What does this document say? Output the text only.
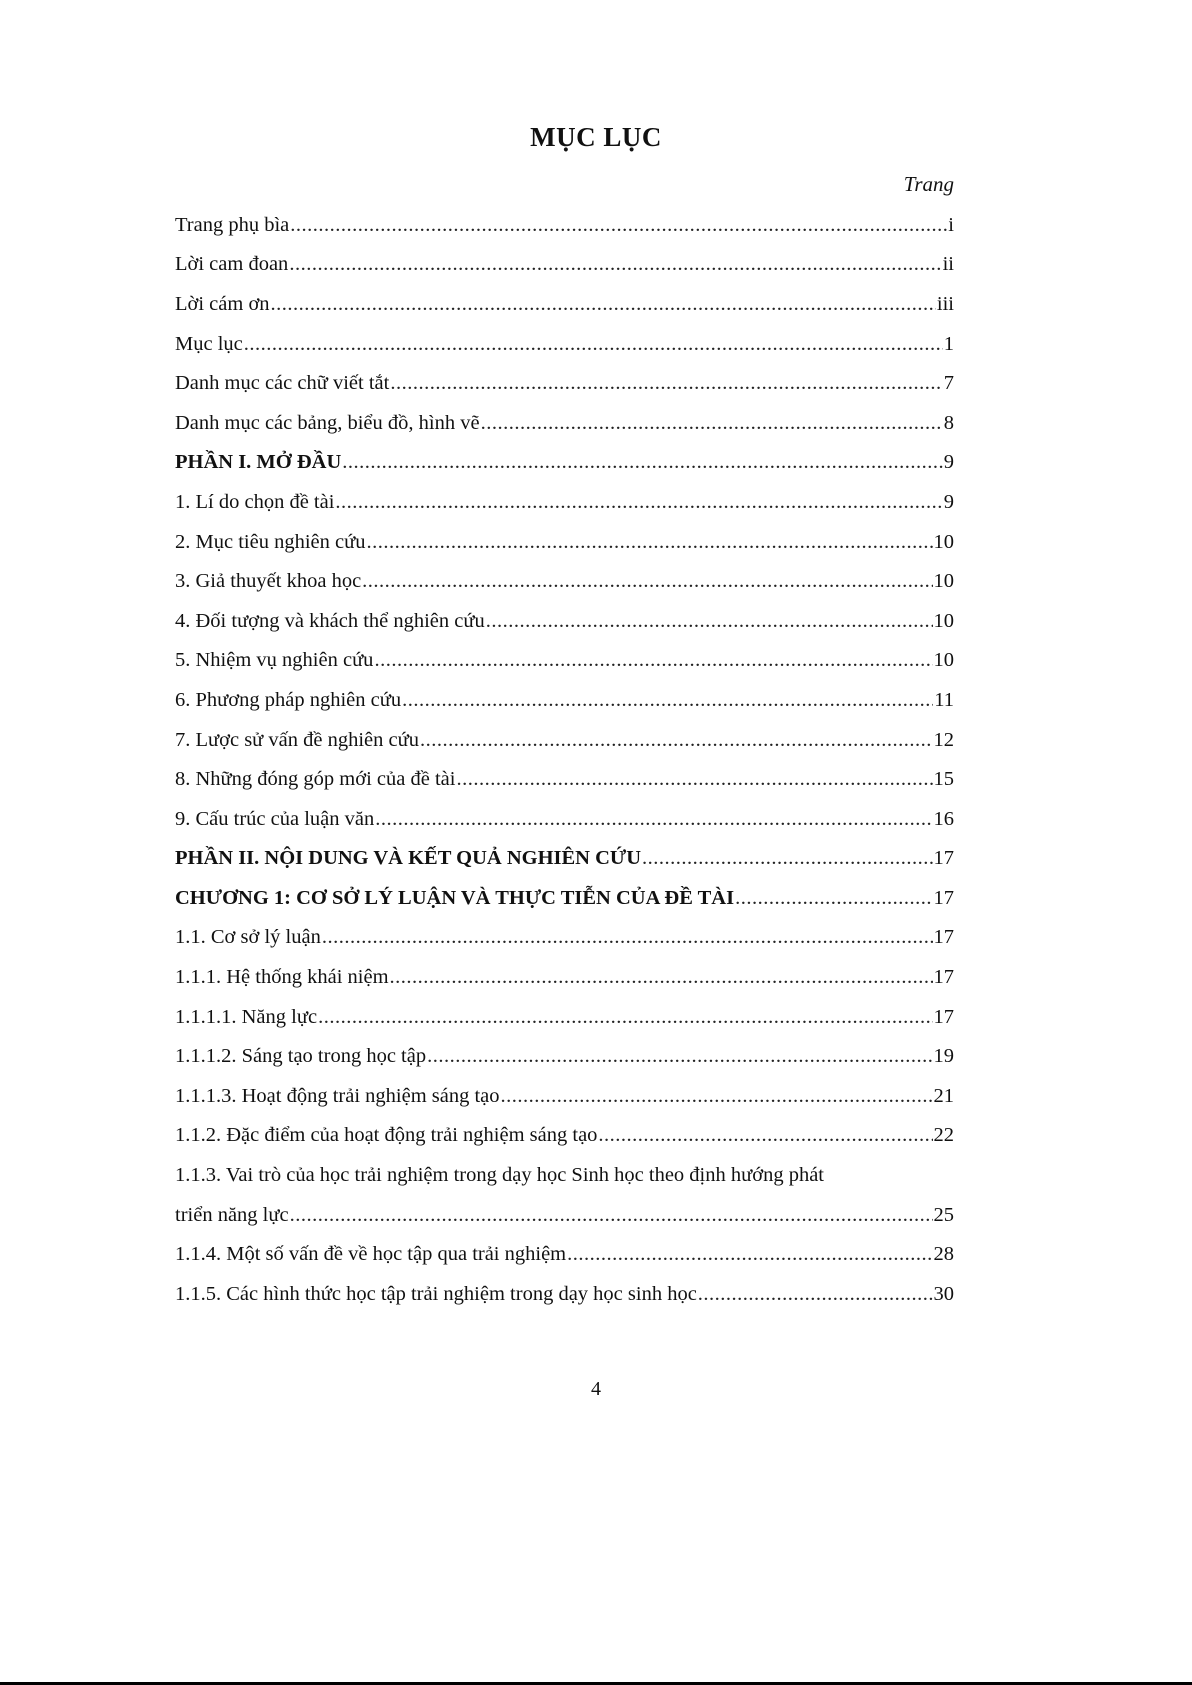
MỤC LỤC
Trang
Trang phụ bìa .....	i
Lời cam đoan .....	ii
Lời cám ơn .....	iii
Mục lục .....	1
Danh mục các chữ viết tắt .....	7
Danh mục các bảng, biểu đồ, hình vẽ .....	8
PHẦN I. MỞ ĐẦU .....	9
1. Lí do chọn đề tài .....	9
2. Mục tiêu nghiên cứu .....	10
3. Giả thuyết khoa học .....	10
4. Đối tượng và khách thể nghiên cứu .....	10
5. Nhiệm vụ nghiên cứu .....	10
6. Phương pháp nghiên cứu .....	11
7. Lược sử vấn đề nghiên cứu .....	12
8. Những đóng góp mới của đề tài .....	15
9. Cấu trúc của luận văn .....	16
PHẦN II. NỘI DUNG VÀ KẾT QUẢ NGHIÊN CỨU .....	17
CHƯƠNG 1: CƠ SỞ LÝ LUẬN VÀ THỰC TIỄN CỦA ĐỀ TÀI .....	17
1.1. Cơ sở lý luận .....	17
1.1.1. Hệ thống khái niệm .....	17
1.1.1.1. Năng lực .....	17
1.1.1.2. Sáng tạo trong học tập .....	19
1.1.1.3. Hoạt động trải nghiệm sáng tạo .....	21
1.1.2. Đặc điểm của hoạt động trải nghiệm sáng tạo .....	22
1.1.3. Vai trò của học trải nghiệm trong dạy học Sinh học theo định hướng phát
triển năng lực .....	25
1.1.4. Một số vấn đề về học tập qua trải nghiệm .....	28
1.1.5. Các hình thức học tập trải nghiệm trong dạy học sinh học .....	30
4
